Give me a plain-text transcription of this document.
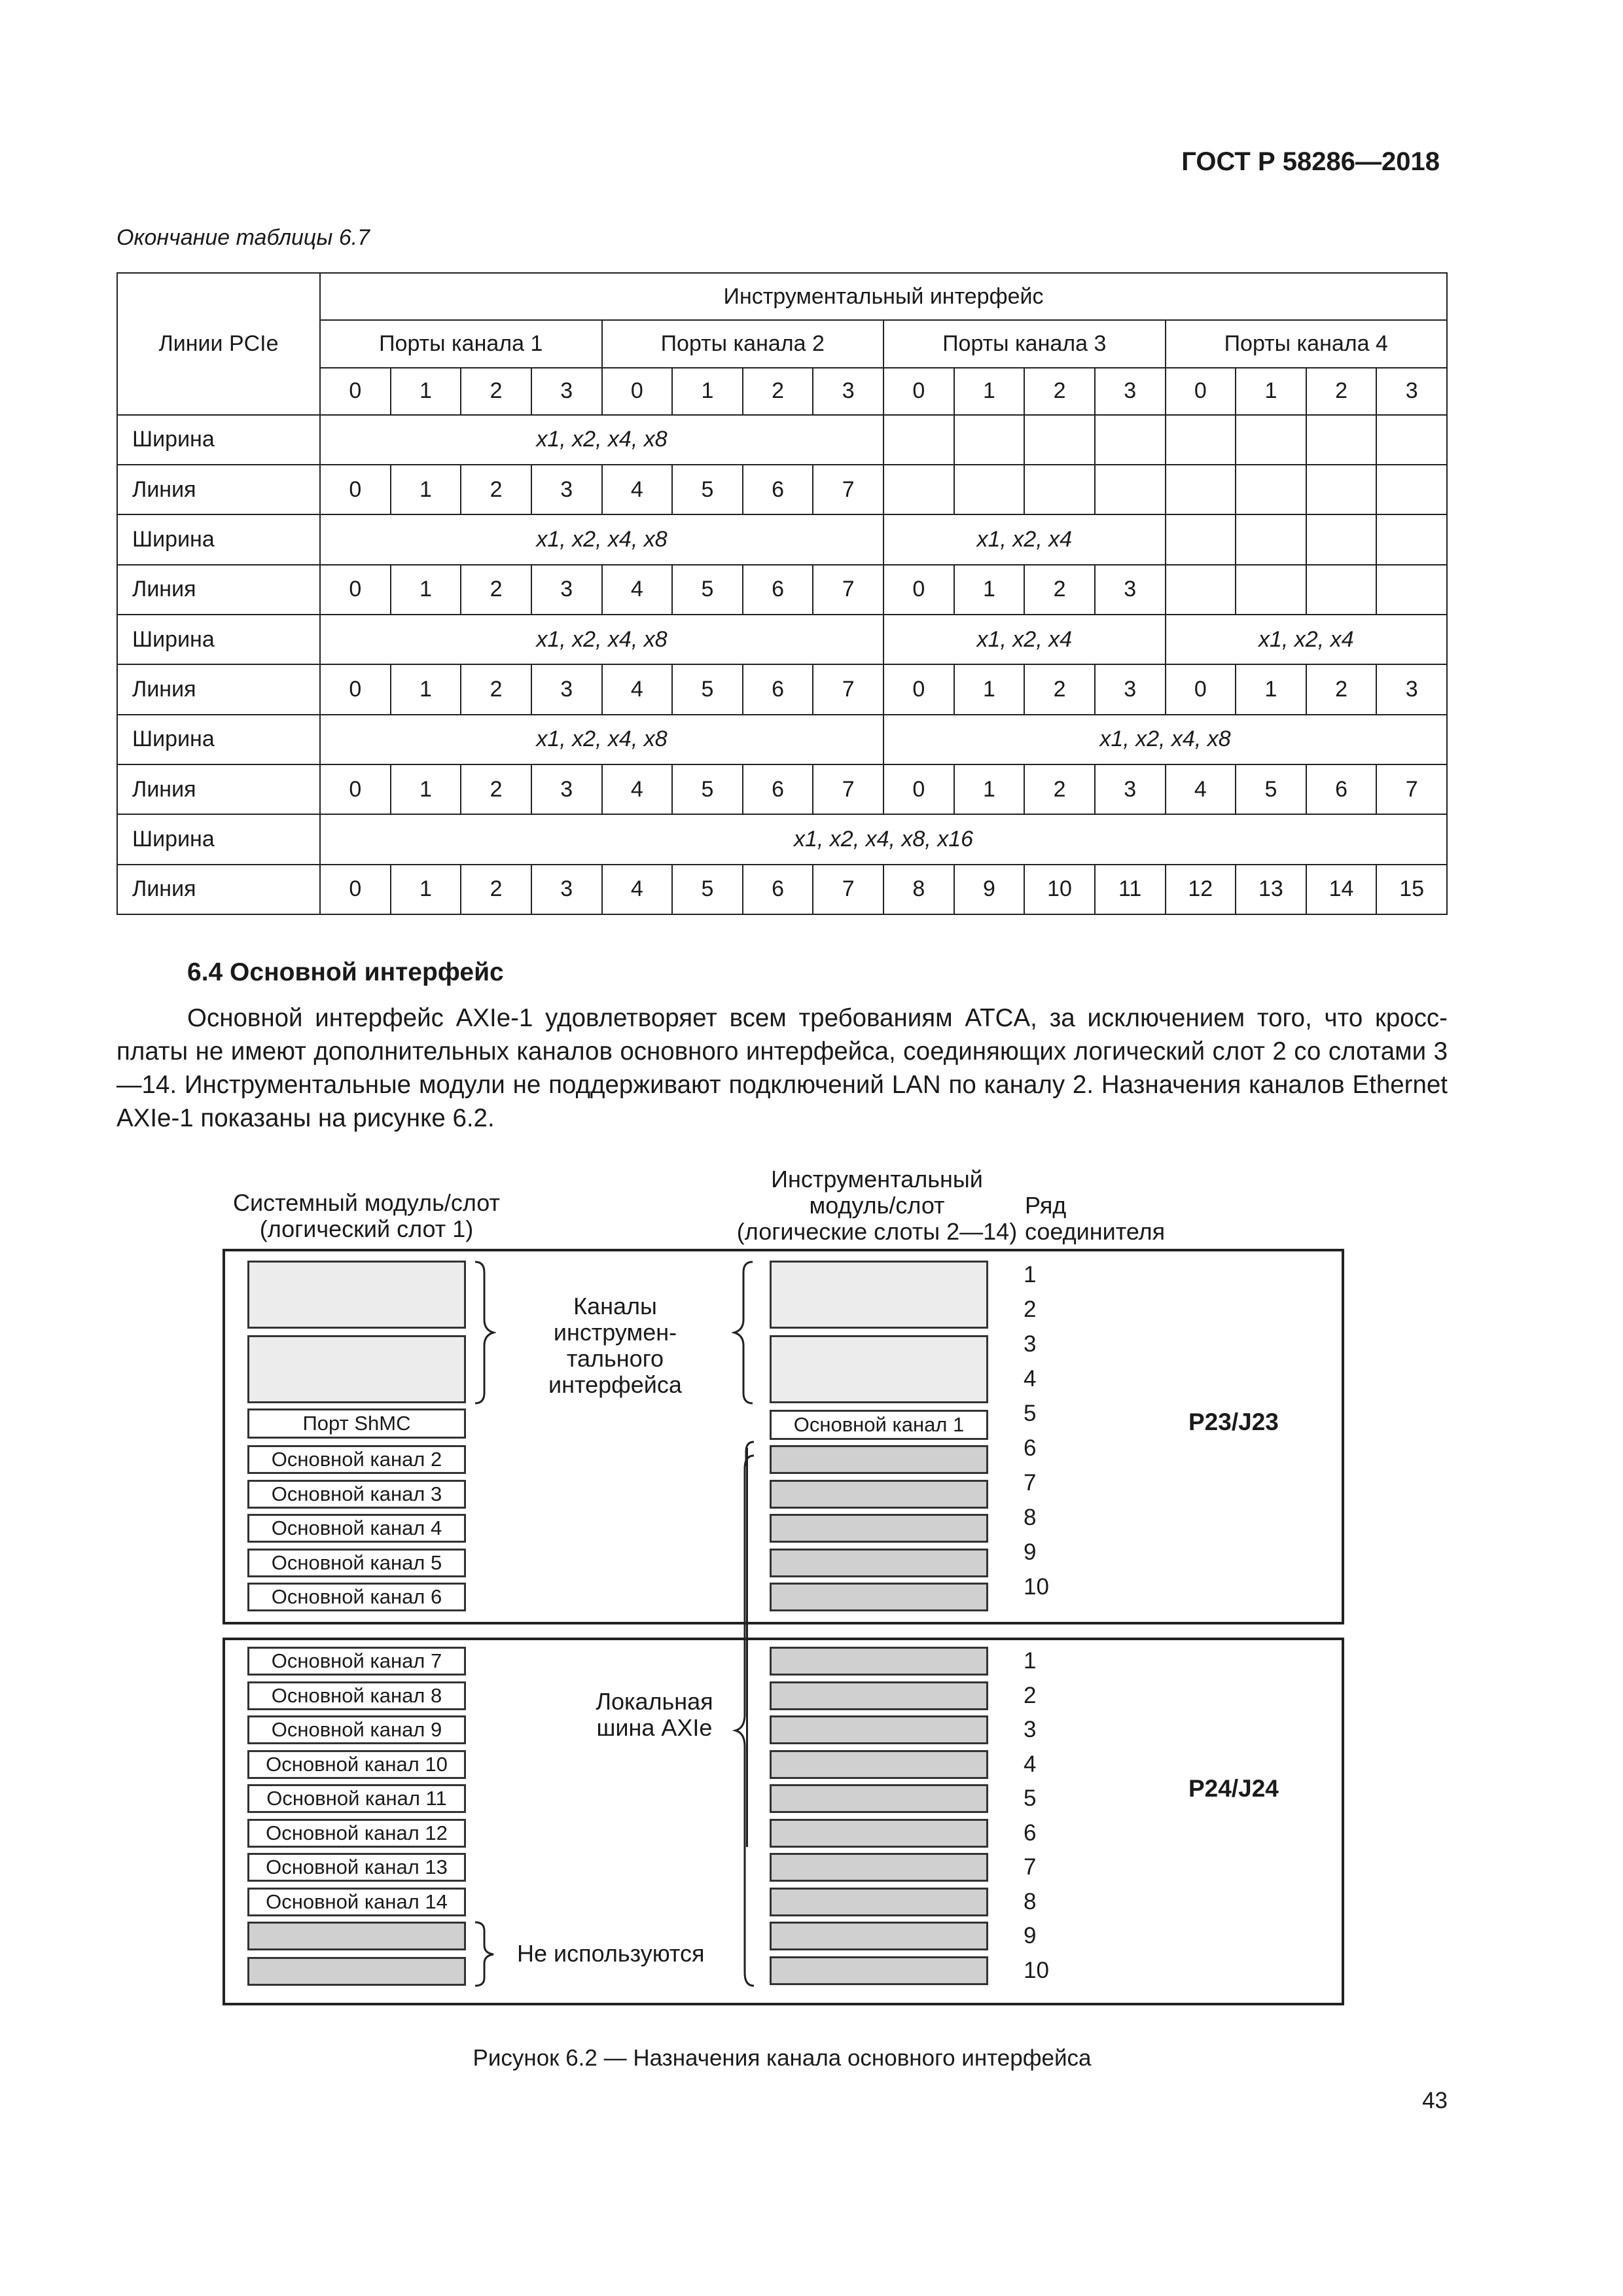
ГОСТ Р 58286—2018
Окончание таблицы 6.7
Линии PCIe	Инструментальный интерфейс															
	Порты канала 1				Порты канала 2				Порты канала 3				Порты канала 4			
	0	1	2	3	0	1	2	3	0	1	2	3	0	1	2	3
Ширина	x1, x2, x4, x8															
Линия	0	1	2	3	4	5	6	7								
Ширина	x1, x2, x4, x8								x1, x2, x4							
Линия	0	1	2	3	4	5	6	7	0	1	2	3				
Ширина	x1, x2, x4, x8								x1, x2, x4				x1, x2, x4			
Линия	0	1	2	3	4	5	6	7	0	1	2	3	0	1	2	3
Ширина	x1, x2, x4, x8								x1, x2, x4, x8							
Линия	0	1	2	3	4	5	6	7	0	1	2	3	4	5	6	7
Ширина	x1, x2, x4, x8, x16															
Линия	0	1	2	3	4	5	6	7	8	9	10	11	12	13	14	15
6.4 Основной интерфейс
Основной интерфейс AXIe-1 удовлетворяет всем требованиям ATCA, за исключением того, что кросс-платы не имеют дополнительных каналов основного интерфейса, соединяющих логический слот 2 со слотами 3—14. Инструментальные модули не поддерживают подключений LAN по каналу 2. Назначения каналов Ethernet AXIe-1 показаны на рисунке 6.2.
Системный модуль/слот
(логический слот 1)
Инструментальный
модуль/слот
(логические слоты 2—14)
Ряд
соединителя
Порт ShMC
Основной канал 2
Основной канал 3
Основной канал 4
Основной канал 5
Основной канал 6
Каналы
инструмен-
тального
интерфейса
Основной канал 1
1
2
3
4
5
6
7
8
9
10
P23/J23
Основной канал 7
Основной канал 8
Основной канал 9
Основной канал 10
Основной канал 11
Основной канал 12
Основной канал 13
Основной канал 14
Не используются
Локальная
шина AXIe
1
2
3
4
5
6
7
8
9
10
P24/J24
Рисунок 6.2 — Назначения канала основного интерфейса
43
